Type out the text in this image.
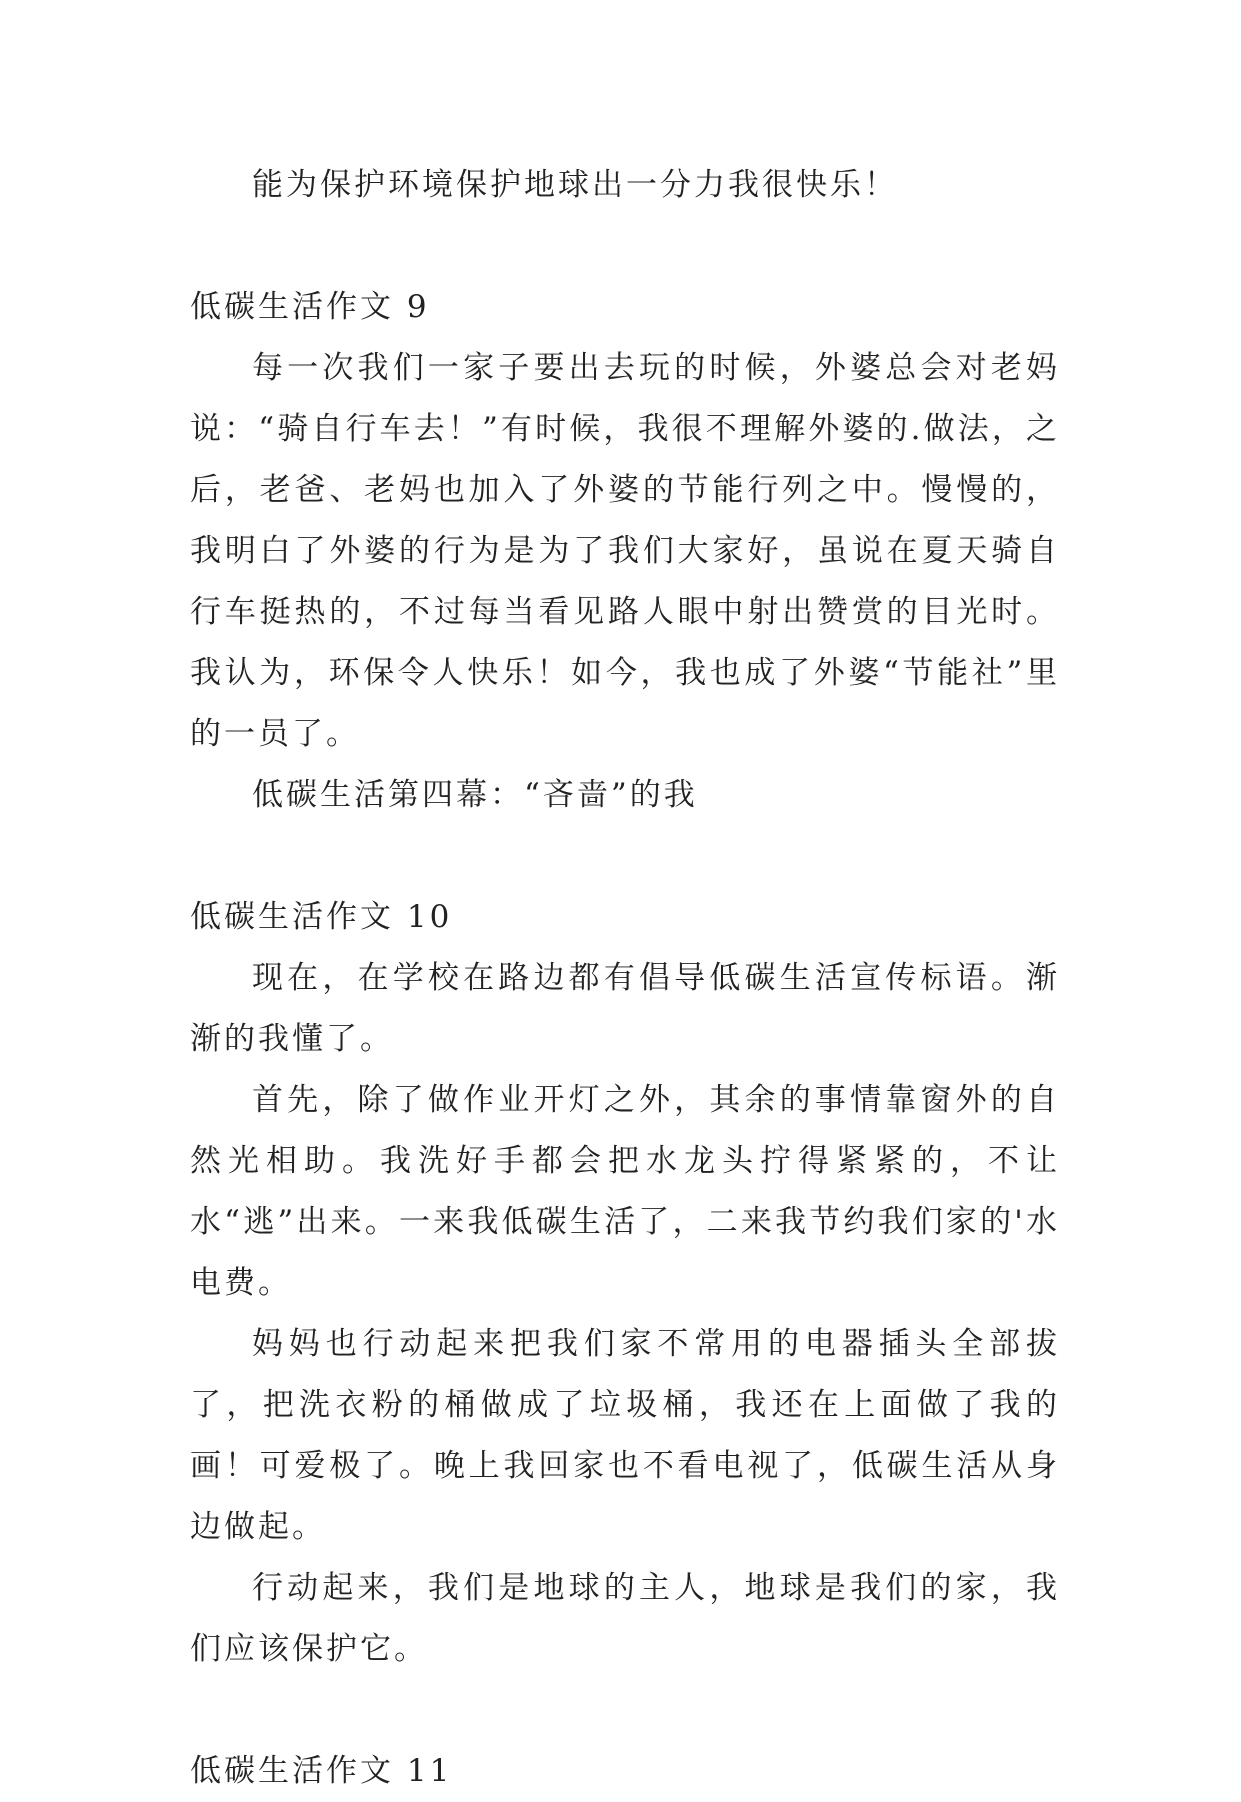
能为保护环境保护地球出一分力我很快乐！

低碳生活作文 9

每一次我们一家子要出去玩的时候，外婆总会对老妈说：“骑自行车去！”有时候，我很不理解外婆的.做法，之后，老爸、老妈也加入了外婆的节能行列之中。慢慢的，我明白了外婆的行为是为了我们大家好，虽说在夏天骑自行车挺热的，不过每当看见路人眼中射出赞赏的目光时。我认为，环保令人快乐！如今，我也成了外婆“节能社”里的一员了。

低碳生活第四幕：“吝啬”的我

低碳生活作文 10

现在，在学校在路边都有倡导低碳生活宣传标语。渐渐的我懂了。

首先，除了做作业开灯之外，其余的事情靠窗外的自然光相助。我洗好手都会把水龙头拧得紧紧的，不让水“逃”出来。一来我低碳生活了，二来我节约我们家的'水电费。

妈妈也行动起来把我们家不常用的电器插头全部拔了，把洗衣粉的桶做成了垃圾桶，我还在上面做了我的画！可爱极了。晚上我回家也不看电视了，低碳生活从身边做起。

行动起来，我们是地球的主人，地球是我们的家，我们应该保护它。

低碳生活作文 11
